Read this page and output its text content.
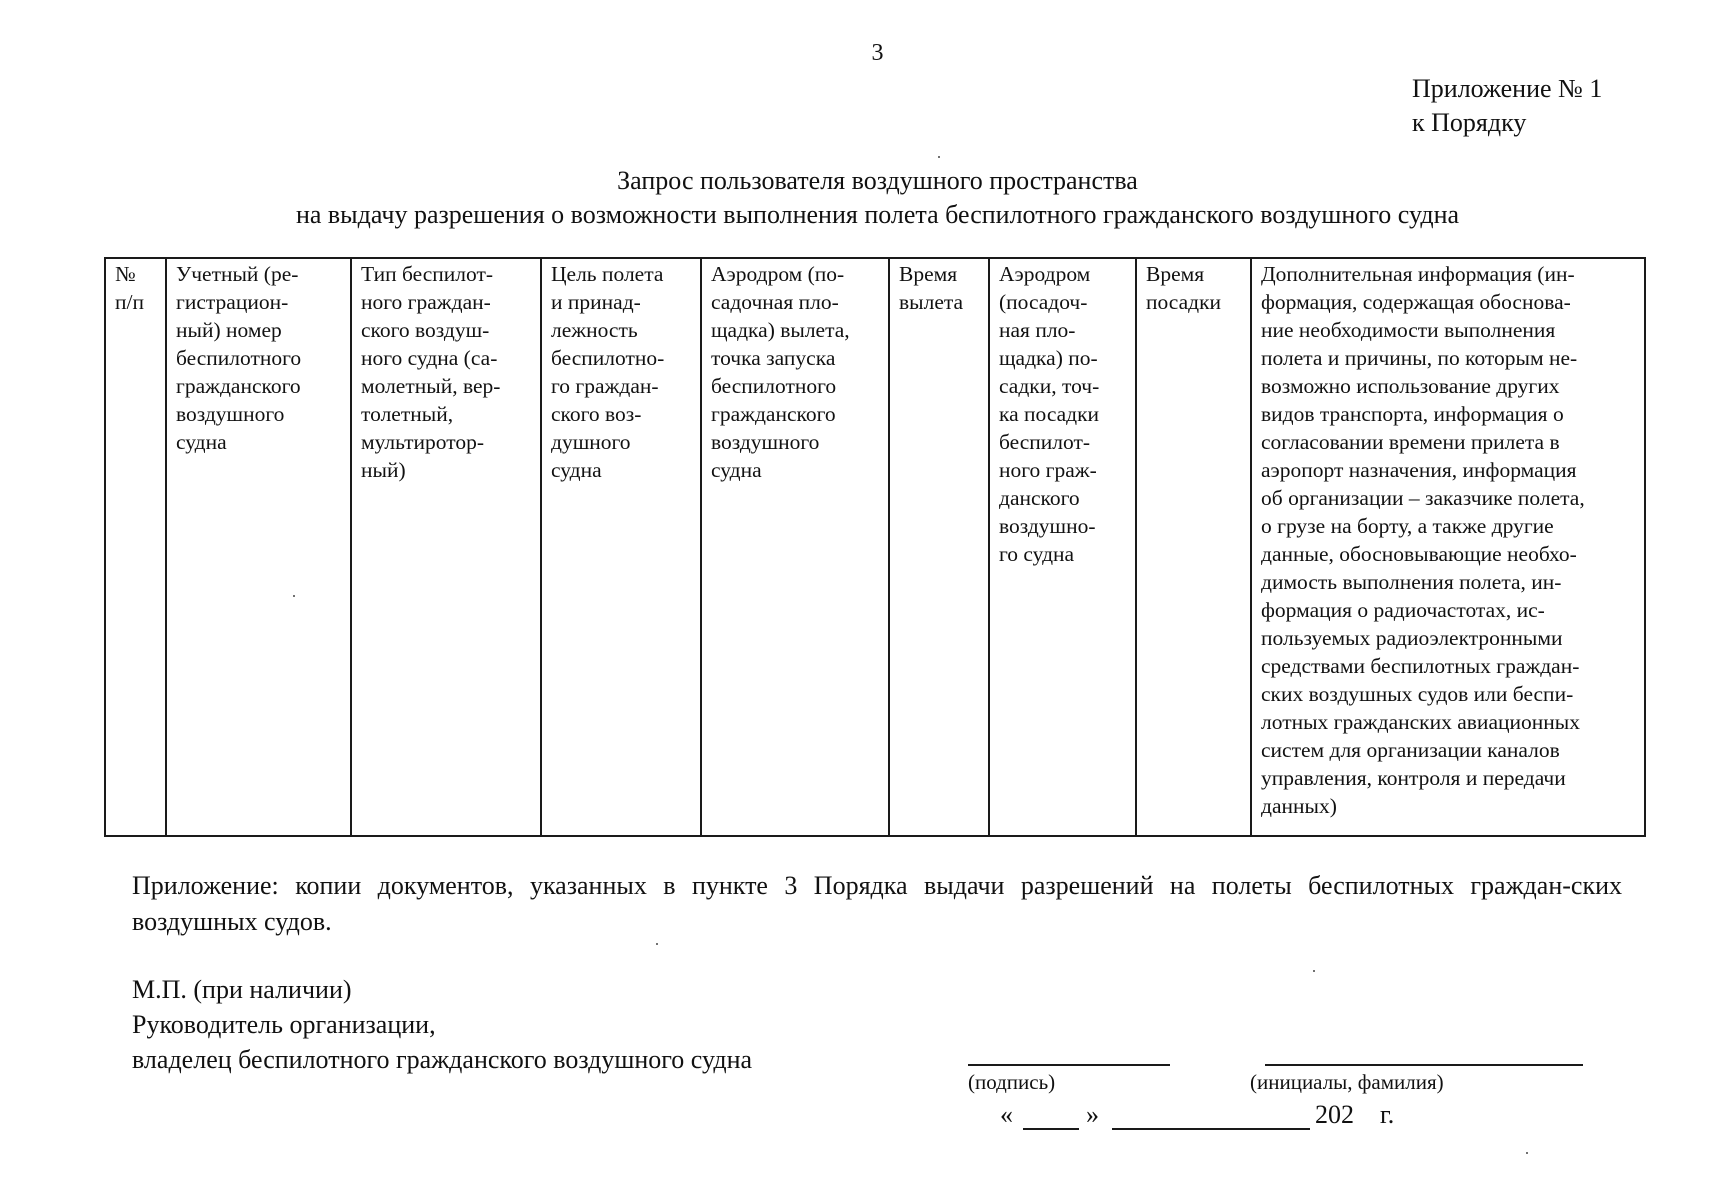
3
Приложение № 1
к Порядку
Запрос пользователя воздушного пространства
на выдачу разрешения о возможности выполнения полета беспилотного гражданского воздушного судна
№
п/п

Учетный (ре-
гистрацион-
ный) номер
беспилотного
гражданского
воздушного
судна

Тип беспилот-
ного граждан-
ского воздуш-
ного судна (са-
молетный, вер-
толетный,
мультиротор-
ный)

Цель полета
и принад-
лежность
беспилотно-
го граждан-
ского воз-
душного
судна

Аэродром (по-
садочная пло-
щадка) вылета,
точка запуска
беспилотного
гражданского
воздушного
судна

Время
вылета

Аэродром
(посадоч-
ная пло-
щадка) по-
садки, точ-
ка посадки
беспилот-
ного граж-
данского
воздушно-
го судна

Время
посадки

Дополнительная информация (ин-
формация, содержащая обоснова-
ние необходимости выполнения
полета и причины, по которым не-
возможно использование других
видов транспорта, информация о
согласовании времени прилета в
аэропорт назначения, информация
об организации – заказчике полета,
о грузе на борту, а также другие
данные, обосновывающие необхо-
димость выполнения полета, ин-
формация о радиочастотах, ис-
пользуемых радиоэлектронными
средствами беспилотных граждан-
ских воздушных судов или беспи-
лотных гражданских авиационных
систем для организации каналов
управления, контроля и передачи
данных)
Приложение: копии документов, указанных в пункте 3 Порядка выдачи разрешений на полеты беспилотных граждан-ских воздушных судов.
М.П. (при наличии)
Руководитель организации,
владелец беспилотного гражданского воздушного судна
(подпись)	(инициалы, фамилия)
«	»	202 г.
